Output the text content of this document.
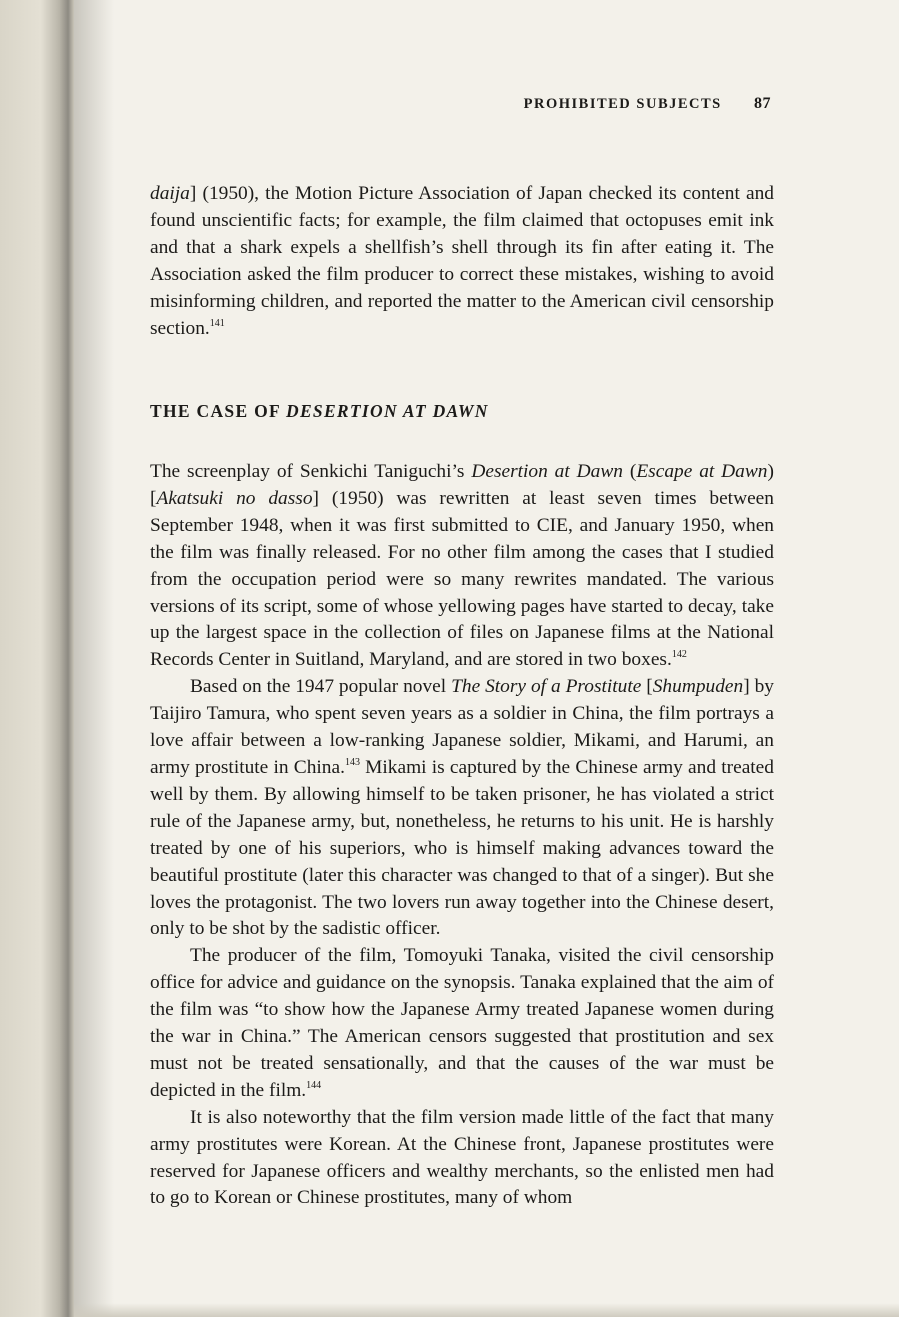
PROHIBITED SUBJECTS 87

daija] (1950), the Motion Picture Association of Japan checked its content and found unscientific facts; for example, the film claimed that octopuses emit ink and that a shark expels a shellfish’s shell through its fin after eating it. The Association asked the film producer to correct these mistakes, wishing to avoid misinforming children, and reported the matter to the American civil censorship section.$^{141}$

THE CASE OF DESERTION AT DAWN

The screenplay of Senkichi Taniguchi’s Desertion at Dawn (Escape at Dawn) [Akatsuki no dasso] (1950) was rewritten at least seven times between September 1948, when it was first submitted to CIE, and January 1950, when the film was finally released. For no other film among the cases that I studied from the occupation period were so many rewrites mandated. The various versions of its script, some of whose yellowing pages have started to decay, take up the largest space in the collection of files on Japanese films at the National Records Center in Suitland, Maryland, and are stored in two boxes.$^{142}$

Based on the 1947 popular novel The Story of a Prostitute [Shumpuden] by Taijiro Tamura, who spent seven years as a soldier in China, the film portrays a love affair between a low-ranking Japanese soldier, Mikami, and Harumi, an army prostitute in China.$^{143}$ Mikami is captured by the Chinese army and treated well by them. By allowing himself to be taken prisoner, he has violated a strict rule of the Japanese army, but, nonetheless, he returns to his unit. He is harshly treated by one of his superiors, who is himself making advances toward the beautiful prostitute (later this character was changed to that of a singer). But she loves the protagonist. The two lovers run away together into the Chinese desert, only to be shot by the sadistic officer.

The producer of the film, Tomoyuki Tanaka, visited the civil censorship office for advice and guidance on the synopsis. Tanaka explained that the aim of the film was “to show how the Japanese Army treated Japanese women during the war in China.” The American censors suggested that prostitution and sex must not be treated sensationally, and that the causes of the war must be depicted in the film.$^{144}$

It is also noteworthy that the film version made little of the fact that many army prostitutes were Korean. At the Chinese front, Japanese prostitutes were reserved for Japanese officers and wealthy merchants, so the enlisted men had to go to Korean or Chinese prostitutes, many of whom
